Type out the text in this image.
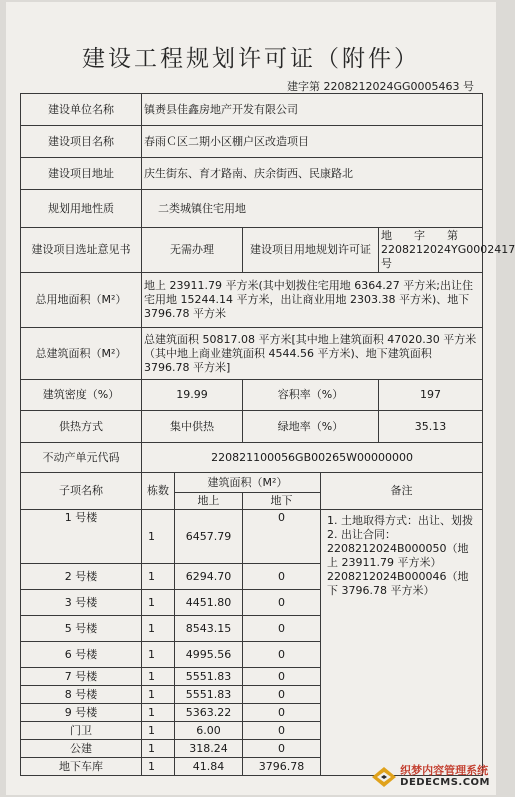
建设工程规划许可证（附件）
建字第 2208212024GG0005463 号
建设单位名称	镇赉县佳鑫房地产开发有限公司				
建设项目名称	春雨Ｃ区二期小区棚户区改造项目				
建设项目地址	庆生街东、育才路南、庆余街西、民康路北				
规划用地性质	二类城镇住宅用地				
建设项目选址意见书	无需办理		建设项目用地规划许可证		地　　字　　第　2208212024YG0002417 号
总用地面积（M²）	地上 23911.79 平方米(其中划拨住宅用地 6364.27 平方米;出让住宅用地 15244.14 平方米，出让商业用地 2303.38 平方米)、地下 3796.78 平方米				
总建筑面积（M²）	总建筑面积 50817.08 平方米[其中地上建筑面积 47020.30 平方米（其中地上商业建筑面积 4544.56 平方米)、地下建筑面积 3796.78 平方米]				
建筑密度（%）	19.99		容积率（%）		197
供热方式	集中供热		绿地率（%）		35.13
不动产单元代码	220821100056GB00265W00000000				
子项名称	栋数	建筑面积（M²）		备注	
		地上	地下		
1 号楼	1	6457.79	0	1. 土地取得方式：出让、划拨
2. 出让合同：
2208212024B000050（地上 23911.79 平方米）
2208212024B000046（地下 3796.78 平方米）	

2 号楼	1	6294.70	0		
3 号楼	1	4451.80	0		
5 号楼	1	8543.15	0		
6 号楼	1	4995.56	0		
7 号楼	1	5551.83	0		
8 号楼	1	5551.83	0		
9 号楼	1	5363.22	0		
门卫	1	6.00	0		
公建	1	318.24	0		
地下车库	1	41.84	3796.78			织梦内容管理系统
DEDECMS.COM
